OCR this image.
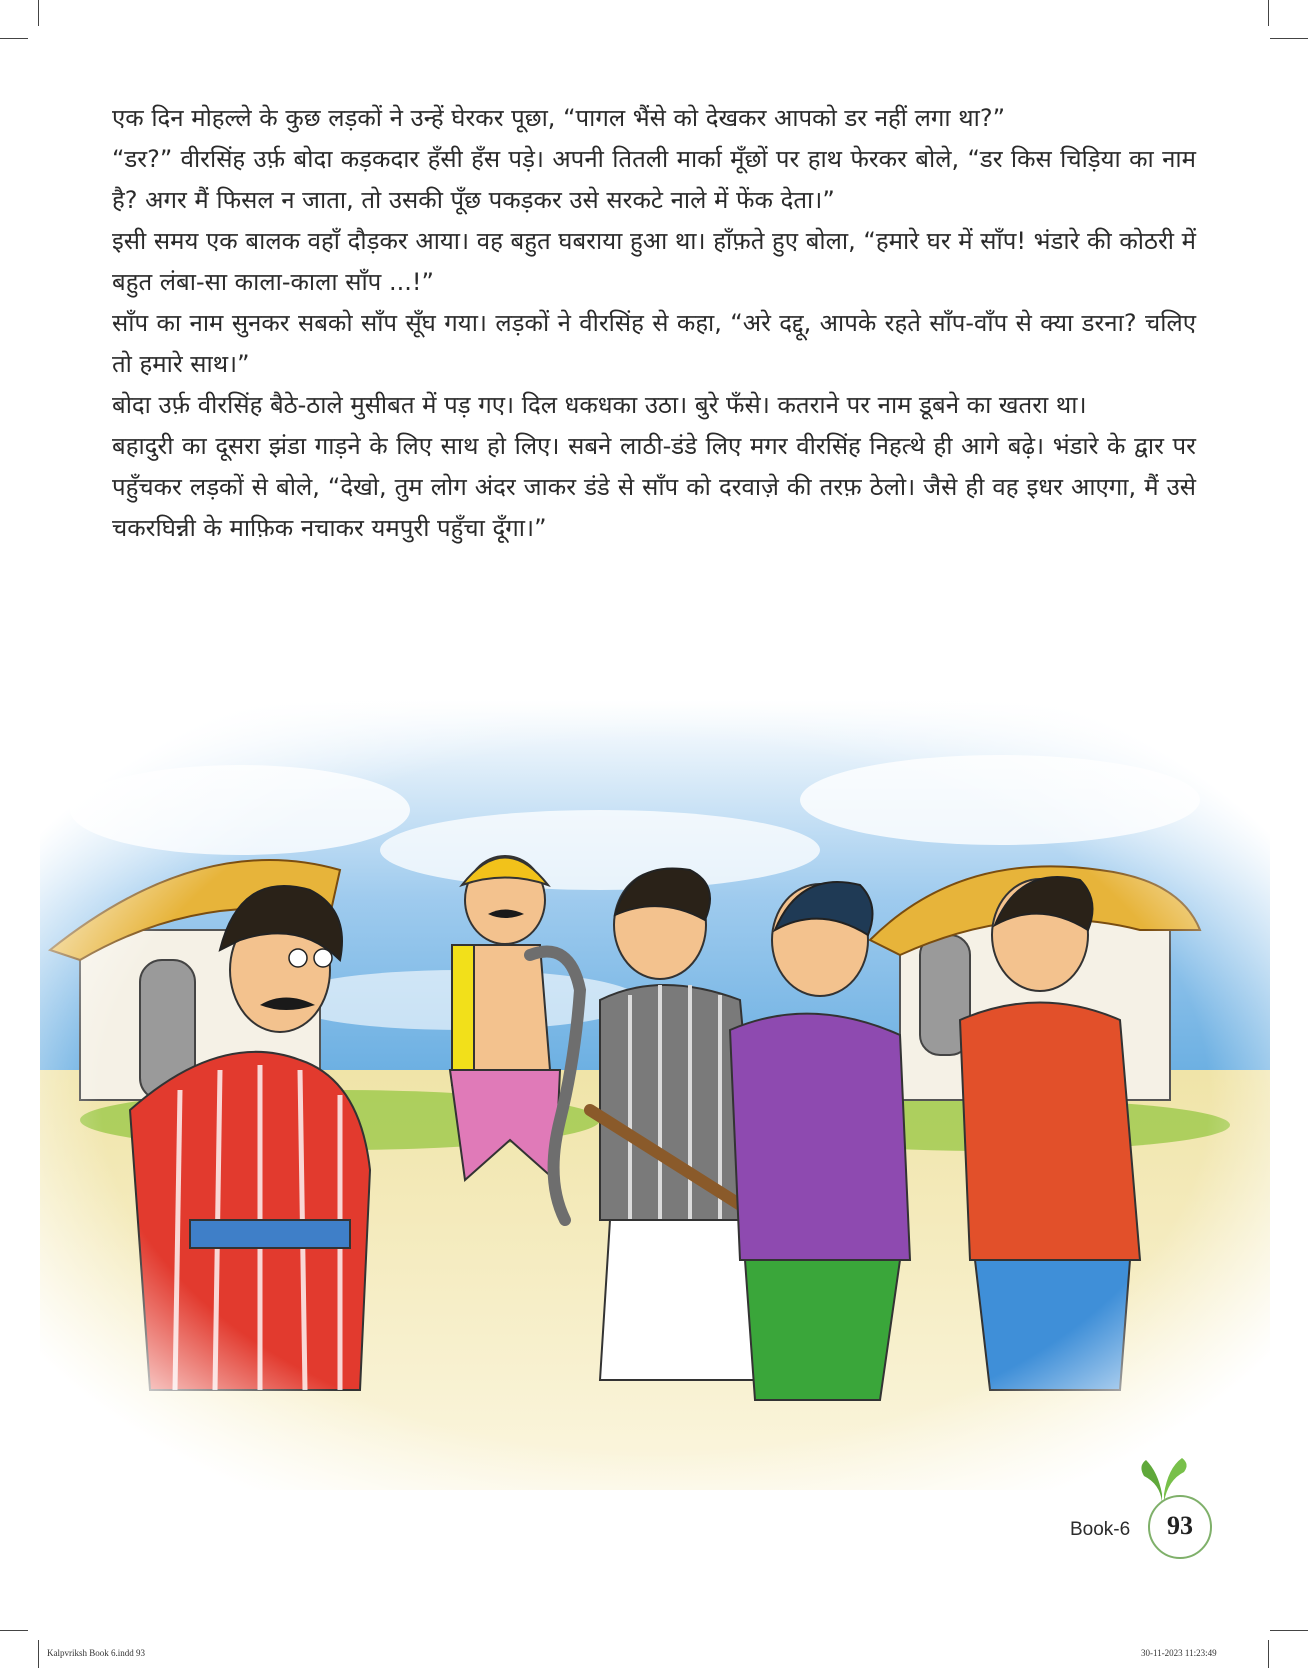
एक दिन मोहल्ले के कुछ लड़कों ने उन्हें घेरकर पूछा, “पागल भैंसे को देखकर आपको डर नहीं लगा था?”

“डर?” वीरसिंह उर्फ़ बोदा कड़कदार हँसी हँस पड़े। अपनी तितली मार्का मूँछों पर हाथ फेरकर बोले, “डर किस चिड़िया का नाम है? अगर मैं फिसल न जाता, तो उसकी पूँछ पकड़कर उसे सरकटे नाले में फेंक देता।”

इसी समय एक बालक वहाँ दौड़कर आया। वह बहुत घबराया हुआ था। हाँफ़ते हुए बोला, “हमारे घर में साँप! भंडारे की कोठरी में बहुत लंबा-सा काला-काला साँप ...!”

साँप का नाम सुनकर सबको साँप सूँघ गया। लड़कों ने वीरसिंह से कहा, “अरे दद्दू, आपके रहते साँप-वाँप से क्या डरना? चलिए तो हमारे साथ।”

बोदा उर्फ़ वीरसिंह बैठे-ठाले मुसीबत में पड़ गए। दिल धकधका उठा। बुरे फँसे। कतराने पर नाम डूबने का खतरा था।

बहादुरी का दूसरा झंडा गाड़ने के लिए साथ हो लिए। सबने लाठी-डंडे लिए मगर वीरसिंह निहत्थे ही आगे बढ़े। भंडारे के द्वार पर पहुँचकर लड़कों से बोले, “देखो, तुम लोग अंदर जाकर डंडे से साँप को दरवाज़े की तरफ़ ठेलो। जैसे ही वह इधर आएगा, मैं उसे चकरघिन्नी के माफ़िक नचाकर यमपुरी पहुँचा दूँगा।”

Book-6	93
Kalpvriksh Book 6.indd 93	30-11-2023 11:23:49
